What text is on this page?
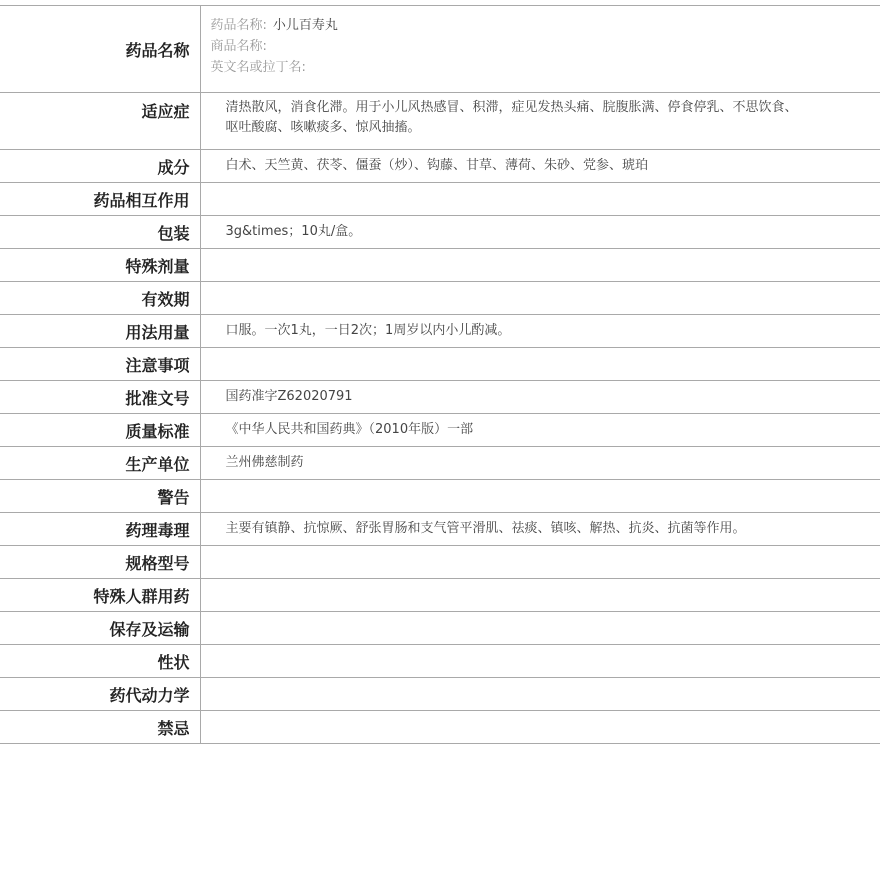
药品名称	药品名称: 小儿百寿丸
商品名称:
英文名或拉丁名:

适应症	清热散风，消食化滞。用于小儿风热感冒、积滞，症见发热头痛、脘腹胀满、停食停乳、不思饮食、呕吐酸腐、咳嗽痰多、惊风抽搐。
成分	白术、天竺黄、茯苓、僵蚕（炒）、钩藤、甘草、薄荷、朱砂、党参、琥珀
药品相互作用	
包装	3g&times；10丸/盒。
特殊剂量	
有效期	
用法用量	口服。一次1丸，一日2次；1周岁以内小儿酌减。
注意事项	
批准文号	国药准字Z62020791
质量标准	《中华人民共和国药典》（2010年版）一部
生产单位	兰州佛慈制药
警告	
药理毒理	主要有镇静、抗惊厥、舒张胃肠和支气管平滑肌、祛痰、镇咳、解热、抗炎、抗菌等作用。
规格型号	
特殊人群用药	
保存及运输	
性状	
药代动力学	
禁忌	
